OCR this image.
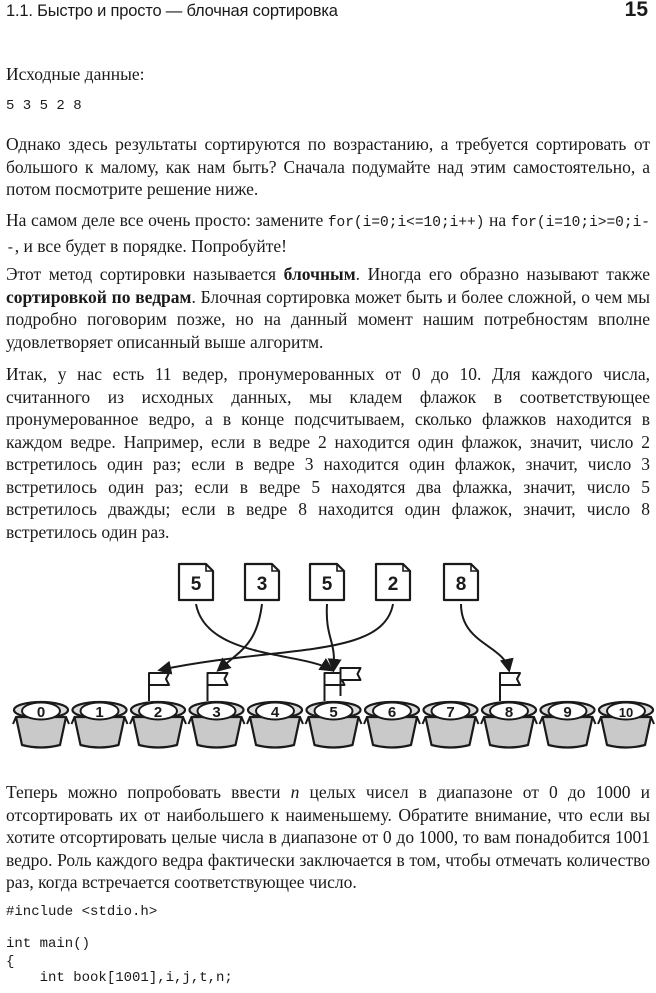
1.1. Быстро и просто — блочная сортировка	15

Исходные данные:

5 3 5 2 8

Однако здесь результаты сортируются по возрастанию, а требуется сортировать от большого к малому, как нам быть? Сначала подумайте над этим самостоятельно, а потом посмотрите решение ниже.

На самом деле все очень просто: замените for(i=0;i<=10;i++) на for(i=10;i>=0;i--, и все будет в порядке. Попробуйте!

Этот метод сортировки называется блочным. Иногда его образно называют также сортировкой по ведрам. Блочная сортировка может быть и более сложной, о чем мы подробно поговорим позже, но на данный момент нашим потребностям вполне удовлетворяет описанный выше алгоритм.

Итак, у нас есть 11 ведер, пронумерованных от 0 до 10. Для каждого числа, считанного из исходных данных, мы кладем флажок в соответствующее пронумерованное ведро, а в конце подсчитываем, сколько флажков находится в каждом ведре. Например, если в ведре 2 находится один флажок, значит, число 2 встретилось один раз; если в ведре 3 находится один флажок, значит, число 3 встретилось один раз; если в ведре 5 находятся два флажка, значит, число 5 встретилось дважды; если в ведре 8 находится один флажок, значит, число 8 встретилось один раз.

5	3	5	2	8
0	1	2	3	4	5	6	7	8	9	10

Теперь можно попробовать ввести n целых чисел в диапазоне от 0 до 1000 и отсортировать их от наибольшего к наименьшему. Обратите внимание, что если вы хотите отсортировать целые числа в диапазоне от 0 до 1000, то вам понадобится 1001 ведро. Роль каждого ведра фактически заключается в том, чтобы отмечать количество раз, когда встречается соответствующее число.

#include <stdio.h>
int main()
{
int book[1001],i,j,t,n;
